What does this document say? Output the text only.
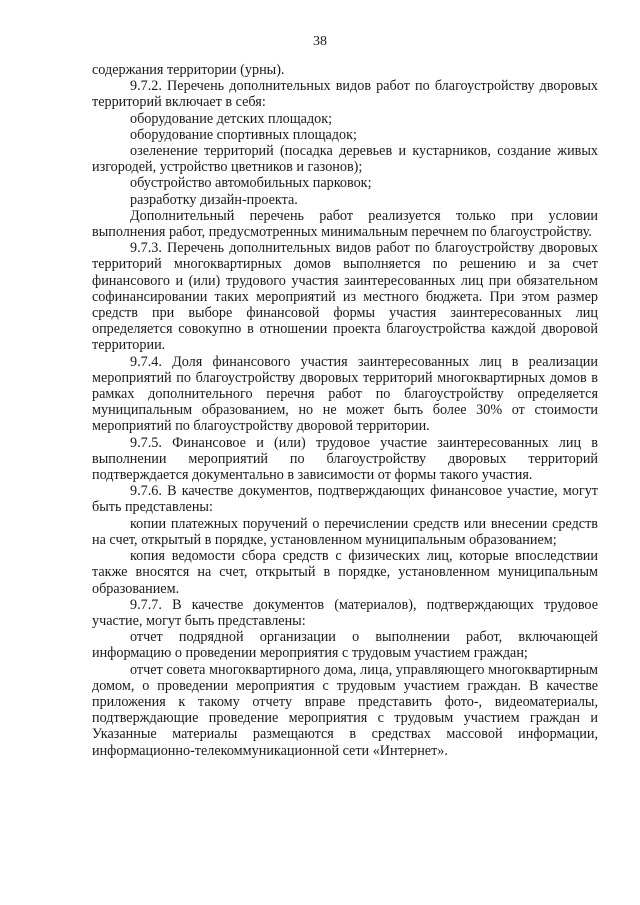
38

содержания территории (урны).

9.7.2. Перечень дополнительных видов работ по благоустройству дворовых территорий включает в себя:

оборудование детских площадок;

оборудование спортивных площадок;

озеленение территорий (посадка деревьев и кустарников, создание живых изгородей, устройство цветников и газонов);

обустройство автомобильных парковок;

разработку дизайн-проекта.

Дополнительный перечень работ реализуется только при условии выполнения работ, предусмотренных минимальным перечнем по благоустройству.

9.7.3. Перечень дополнительных видов работ по благоустройству дворовых территорий многоквартирных домов выполняется по решению и за счет финансового и (или) трудового участия заинтересованных лиц при обязательном софинансировании таких мероприятий из местного бюджета. При этом размер средств при выборе финансовой формы участия заинтересованных лиц определяется совокупно в отношении проекта благоустройства каждой дворовой территории.

9.7.4. Доля финансового участия заинтересованных лиц в реализации мероприятий по благоустройству дворовых территорий многоквартирных домов в рамках дополнительного перечня работ по благоустройству определяется муниципальным образованием, но не может быть более 30% от стоимости мероприятий по благоустройству дворовой территории.

9.7.5. Финансовое и (или) трудовое участие заинтересованных лиц в выполнении мероприятий по благоустройству дворовых территорий подтверждается документально в зависимости от формы такого участия.

9.7.6. В качестве документов, подтверждающих финансовое участие, могут быть представлены:

копии платежных поручений о перечислении средств или внесении средств на счет, открытый в порядке, установленном муниципальным образованием;

копия ведомости сбора средств с физических лиц, которые впоследствии также вносятся на счет, открытый в порядке, установленном муниципальным образованием.

9.7.7. В качестве документов (материалов), подтверждающих трудовое участие, могут быть представлены:

отчет подрядной организации о выполнении работ, включающей информацию о проведении мероприятия с трудовым участием граждан;

отчет совета многоквартирного дома, лица, управляющего многоквартирным домом, о проведении мероприятия с трудовым участием граждан. В качестве приложения к такому отчету вправе представить фото-, видеоматериалы, подтверждающие проведение мероприятия с трудовым участием граждан и Указанные материалы размещаются в средствах массовой информации, информационно-телекоммуникационной сети «Интернет».
